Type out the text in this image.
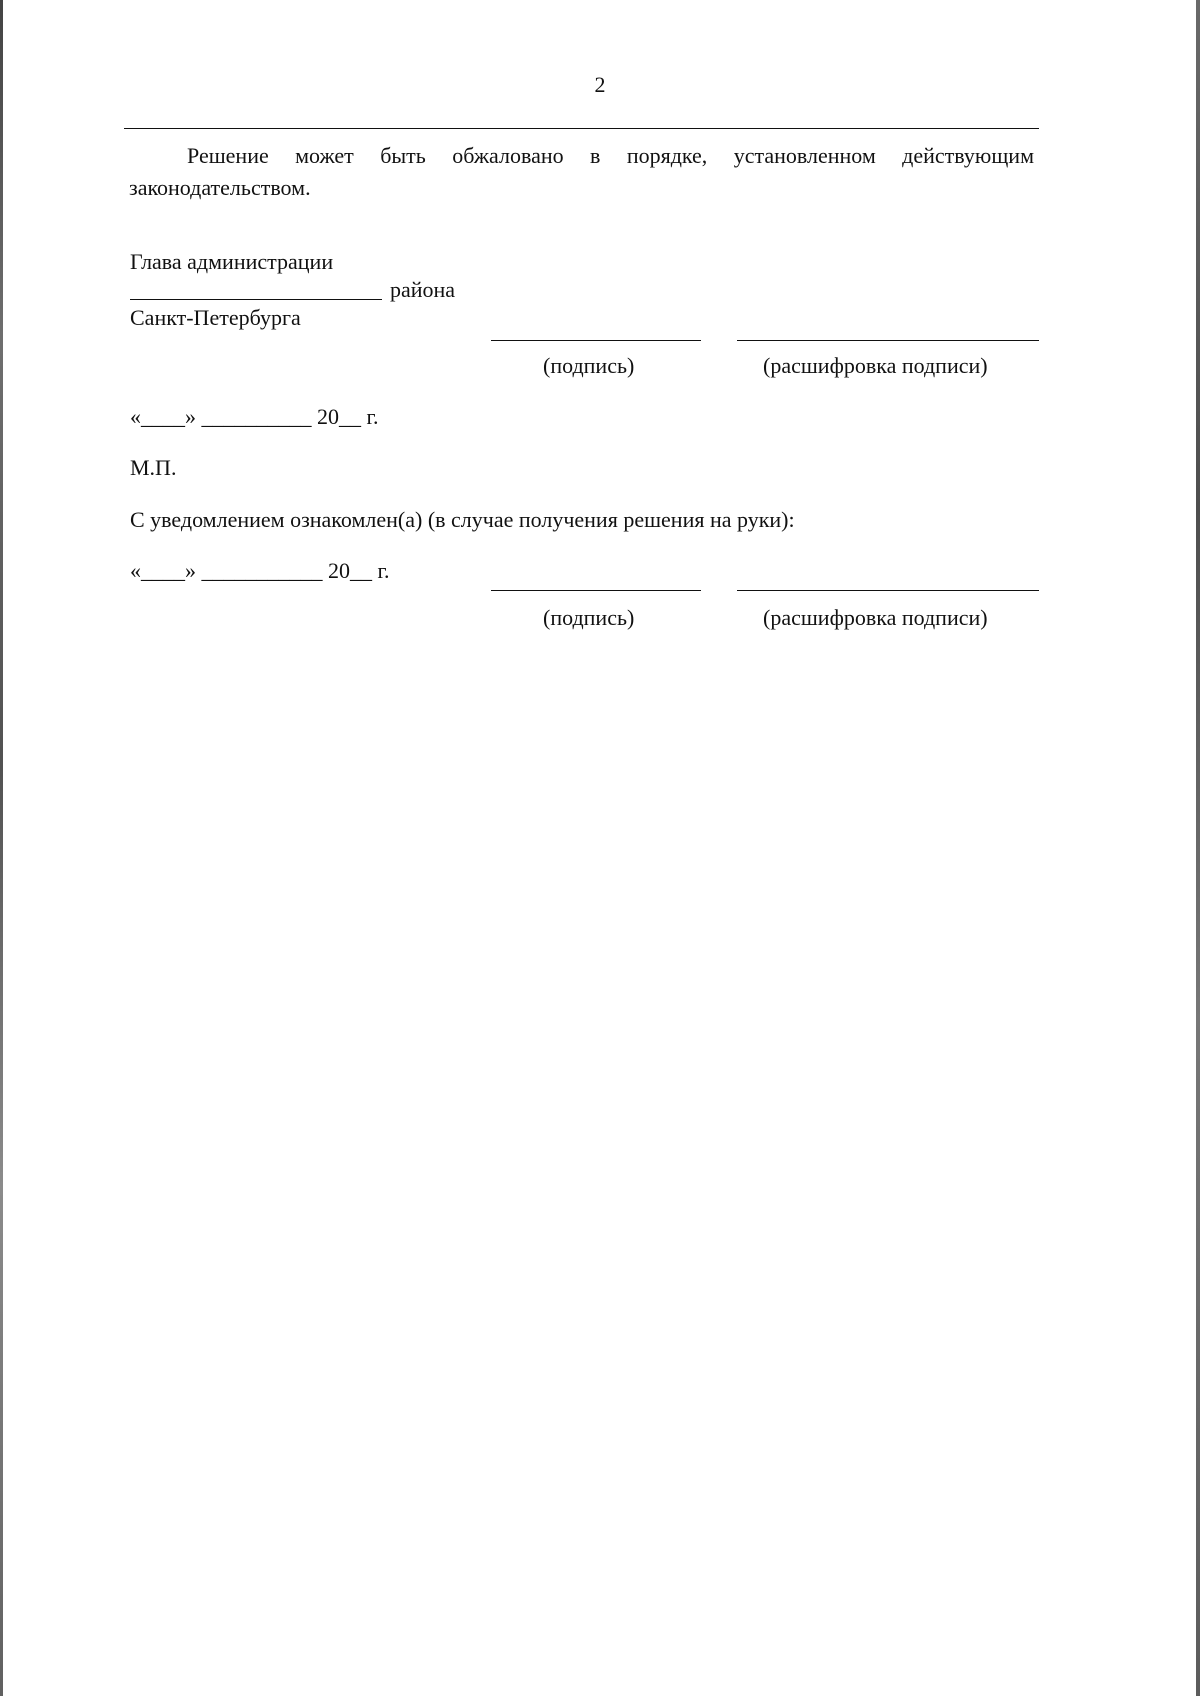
2

Решение может быть обжаловано в порядке, установленном действующим законодательством.

Глава администрации
района
Санкт-Петербурга
(подпись)	(расшифровка подписи)
«____» __________ 20__ г.
М.П.
С уведомлением ознакомлен(а) (в случае получения решения на руки):
«____» ___________ 20__ г.
(подпись)	(расшифровка подписи)
